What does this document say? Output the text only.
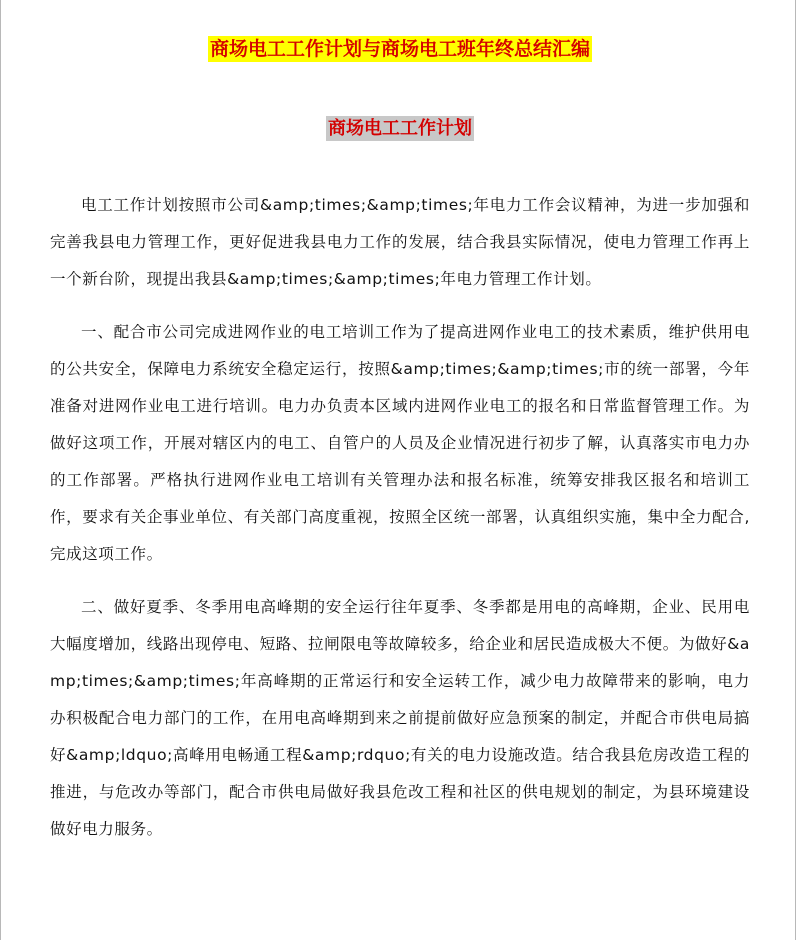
商场电工工作计划与商场电工班年终总结汇编
商场电工工作计划

电工工作计划按照市公司&amp;times;&amp;times;年电力工作会议精神，为进一步加强和完善我县电力管理工作，更好促进我县电力工作的发展，结合我县实际情况，使电力管理工作再上一个新台阶，现提出我县&amp;times;&amp;times;年电力管理工作计划。

一、配合市公司完成进网作业的电工培训工作为了提高进网作业电工的技术素质，维护供用电的公共安全，保障电力系统安全稳定运行，按照&amp;times;&amp;times;市的统一部署，今年准备对进网作业电工进行培训。电力办负责本区域内进网作业电工的报名和日常监督管理工作。为做好这项工作，开展对辖区内的电工、自管户的人员及企业情况进行初步了解，认真落实市电力办的工作部署。严格执行进网作业电工培训有关管理办法和报名标准，统筹安排我区报名和培训工作，要求有关企事业单位、有关部门高度重视，按照全区统一部署，认真组织实施，集中全力配合,完成这项工作。

二、做好夏季、冬季用电高峰期的安全运行往年夏季、冬季都是用电的高峰期，企业、民用电大幅度增加，线路出现停电、短路、拉闸限电等故障较多，给企业和居民造成极大不便。为做好&amp;times;&amp;times;年高峰期的正常运行和安全运转工作，减少电力故障带来的影响，电力办积极配合电力部门的工作，在用电高峰期到来之前提前做好应急预案的制定，并配合市供电局搞好&amp;ldquo;高峰用电畅通工程&amp;rdquo;有关的电力设施改造。结合我县危房改造工程的推进，与危改办等部门，配合市供电局做好我县危改工程和社区的供电规划的制定，为县环境建设做好电力服务。
